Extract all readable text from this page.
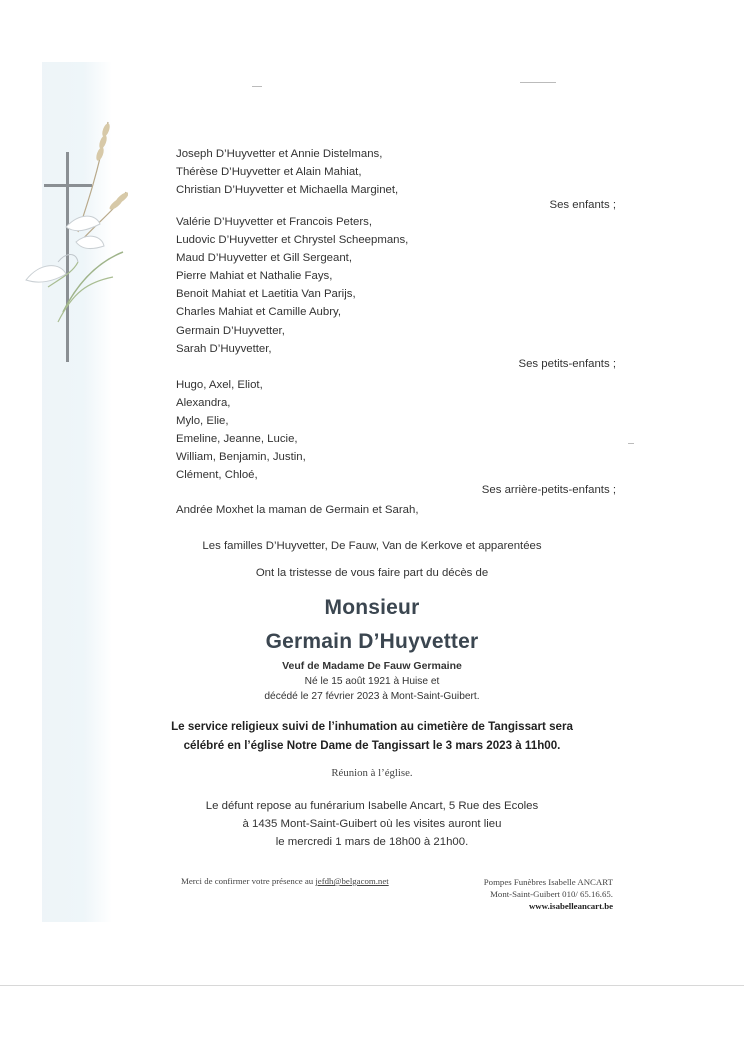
Joseph D’Huyvetter et Annie Distelmans,
Thérèse D’Huyvetter et Alain Mahiat,
Christian D’Huyvetter et Michaella Marginet,
Ses enfants ;
Valérie D’Huyvetter et Francois Peters,
Ludovic D’Huyvetter et Chrystel Scheepmans,
Maud D’Huyvetter et Gill Sergeant,
Pierre Mahiat et Nathalie Fays,
Benoit Mahiat et Laetitia Van Parijs,
Charles Mahiat et Camille Aubry,
Germain D’Huyvetter,
Sarah D’Huyvetter,
Ses petits-enfants ;
Hugo, Axel, Eliot,
Alexandra,
Mylo, Elie,
Emeline, Jeanne, Lucie,
William, Benjamin, Justin,
Clément, Chloé,
Ses arrière-petits-enfants ;
Andrée Moxhet la maman de Germain et Sarah,
Les familles D’Huyvetter, De Fauw, Van de Kerkove et apparentées
Ont la tristesse de vous faire part du décès de
Monsieur
Germain D’Huyvetter
Veuf de Madame De Fauw Germaine
Né le 15 août 1921 à Huise et
décédé le 27 février 2023 à Mont-Saint-Guibert.
Le service religieux suivi de l’inhumation au cimetière de Tangissart sera
célébré en l’église Notre Dame de Tangissart le 3 mars 2023 à 11h00.
Réunion à l’église.
Le défunt repose au funérarium Isabelle Ancart, 5 Rue des Ecoles
à 1435 Mont-Saint-Guibert où les visites auront lieu
le mercredi 1 mars de 18h00 à 21h00.
Merci de confirmer votre présence au jefdh@belgacom.net	Pompes Funèbres Isabelle ANCART
Mont-Saint-Guibert 010/ 65.16.65.
www.isabelleancart.be
